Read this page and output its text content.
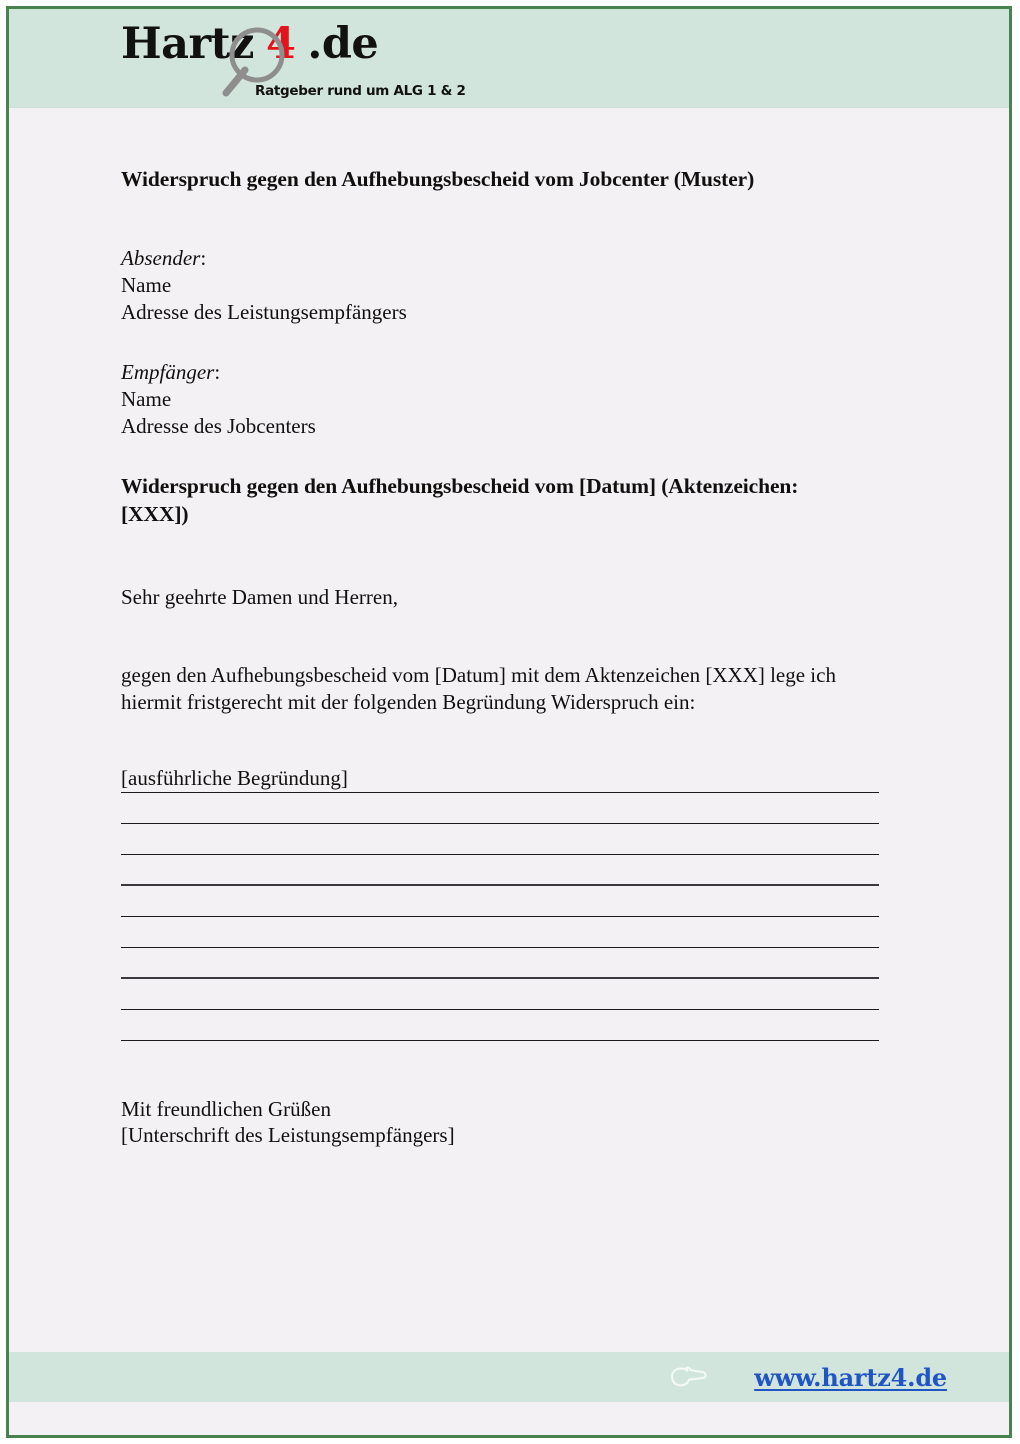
Hartz 4 .de
Ratgeber rund um ALG 1 & 2
Widerspruch gegen den Aufhebungsbescheid vom Jobcenter (Muster)
Absender:
Name
Adresse des Leistungsempfängers
Empfänger:
Name
Adresse des Jobcenters
Widerspruch gegen den Aufhebungsbescheid vom [Datum] (Aktenzeichen: [XXX])
Sehr geehrte Damen und Herren,
gegen den Aufhebungsbescheid vom [Datum] mit dem Aktenzeichen [XXX] lege ich hiermit fristgerecht mit der folgenden Begründung Widerspruch ein:
[ausführliche Begründung]
Mit freundlichen Grüßen
[Unterschrift des Leistungsempfängers]
www.hartz4.de
